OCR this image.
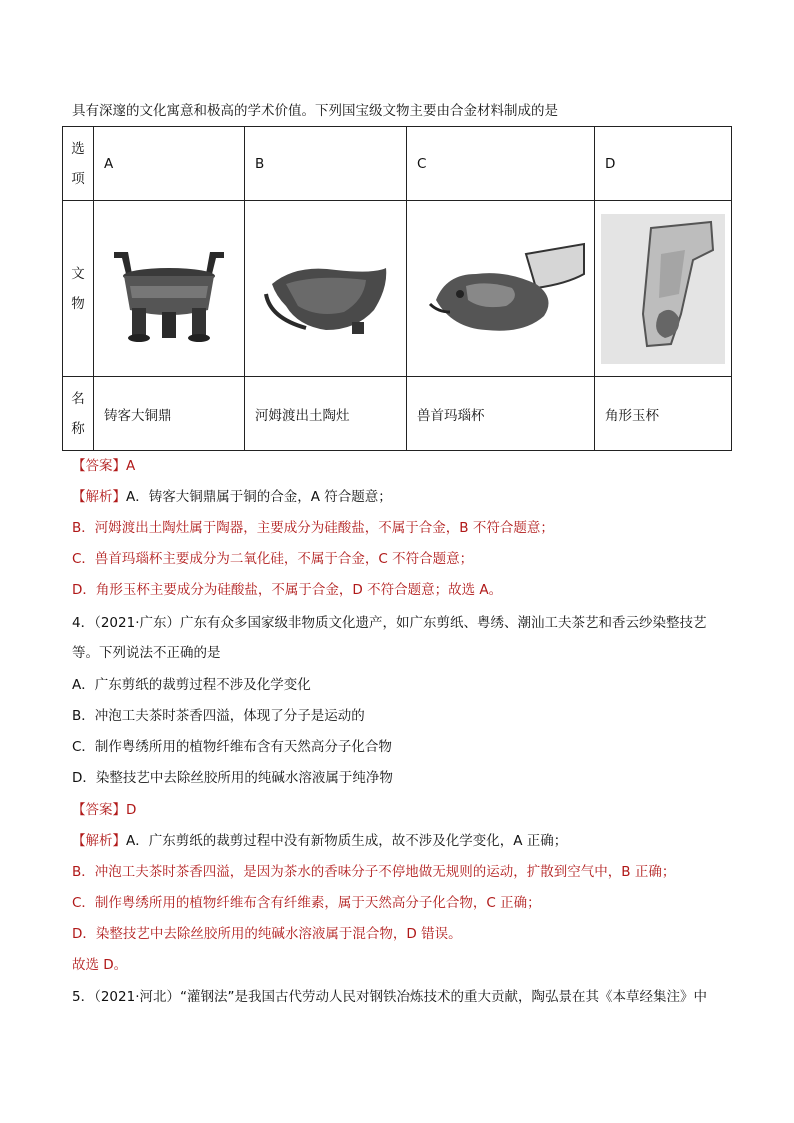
具有深邃的文化寓意和极高的学术价值。下列国宝级文物主要由合金材料制成的是
选
项	A	B	C	D

文
物

名
称	铸客大铜鼎	河姆渡出土陶灶	兽首玛瑙杯	角形玉杯
【答案】A
【解析】A．铸客大铜鼎属于铜的合金，A 符合题意；
B．河姆渡出土陶灶属于陶器，主要成分为硅酸盐，不属于合金，B 不符合题意；
C．兽首玛瑙杯主要成分为二氧化硅，不属于合金，C 不符合题意；
D．角形玉杯主要成分为硅酸盐，不属于合金，D 不符合题意；故选 A。
4．（2021·广东）广东有众多国家级非物质文化遗产，如广东剪纸、粤绣、潮汕工夫茶艺和香云纱染整技艺
等。下列说法不正确的是
A．广东剪纸的裁剪过程不涉及化学变化
B．冲泡工夫茶时茶香四溢，体现了分子是运动的
C．制作粤绣所用的植物纤维布含有天然高分子化合物
D．染整技艺中去除丝胶所用的纯碱水溶液属于纯净物
【答案】D
【解析】A．广东剪纸的裁剪过程中没有新物质生成，故不涉及化学变化，A 正确；
B．冲泡工夫茶时茶香四溢，是因为茶水的香味分子不停地做无规则的运动，扩散到空气中，B 正确；
C．制作粤绣所用的植物纤维布含有纤维素，属于天然高分子化合物，C 正确；
D．染整技艺中去除丝胶所用的纯碱水溶液属于混合物，D 错误。
故选 D。
5．（2021·河北）“灌钢法”是我国古代劳动人民对钢铁冶炼技术的重大贡献，陶弘景在其《本草经集注》中
